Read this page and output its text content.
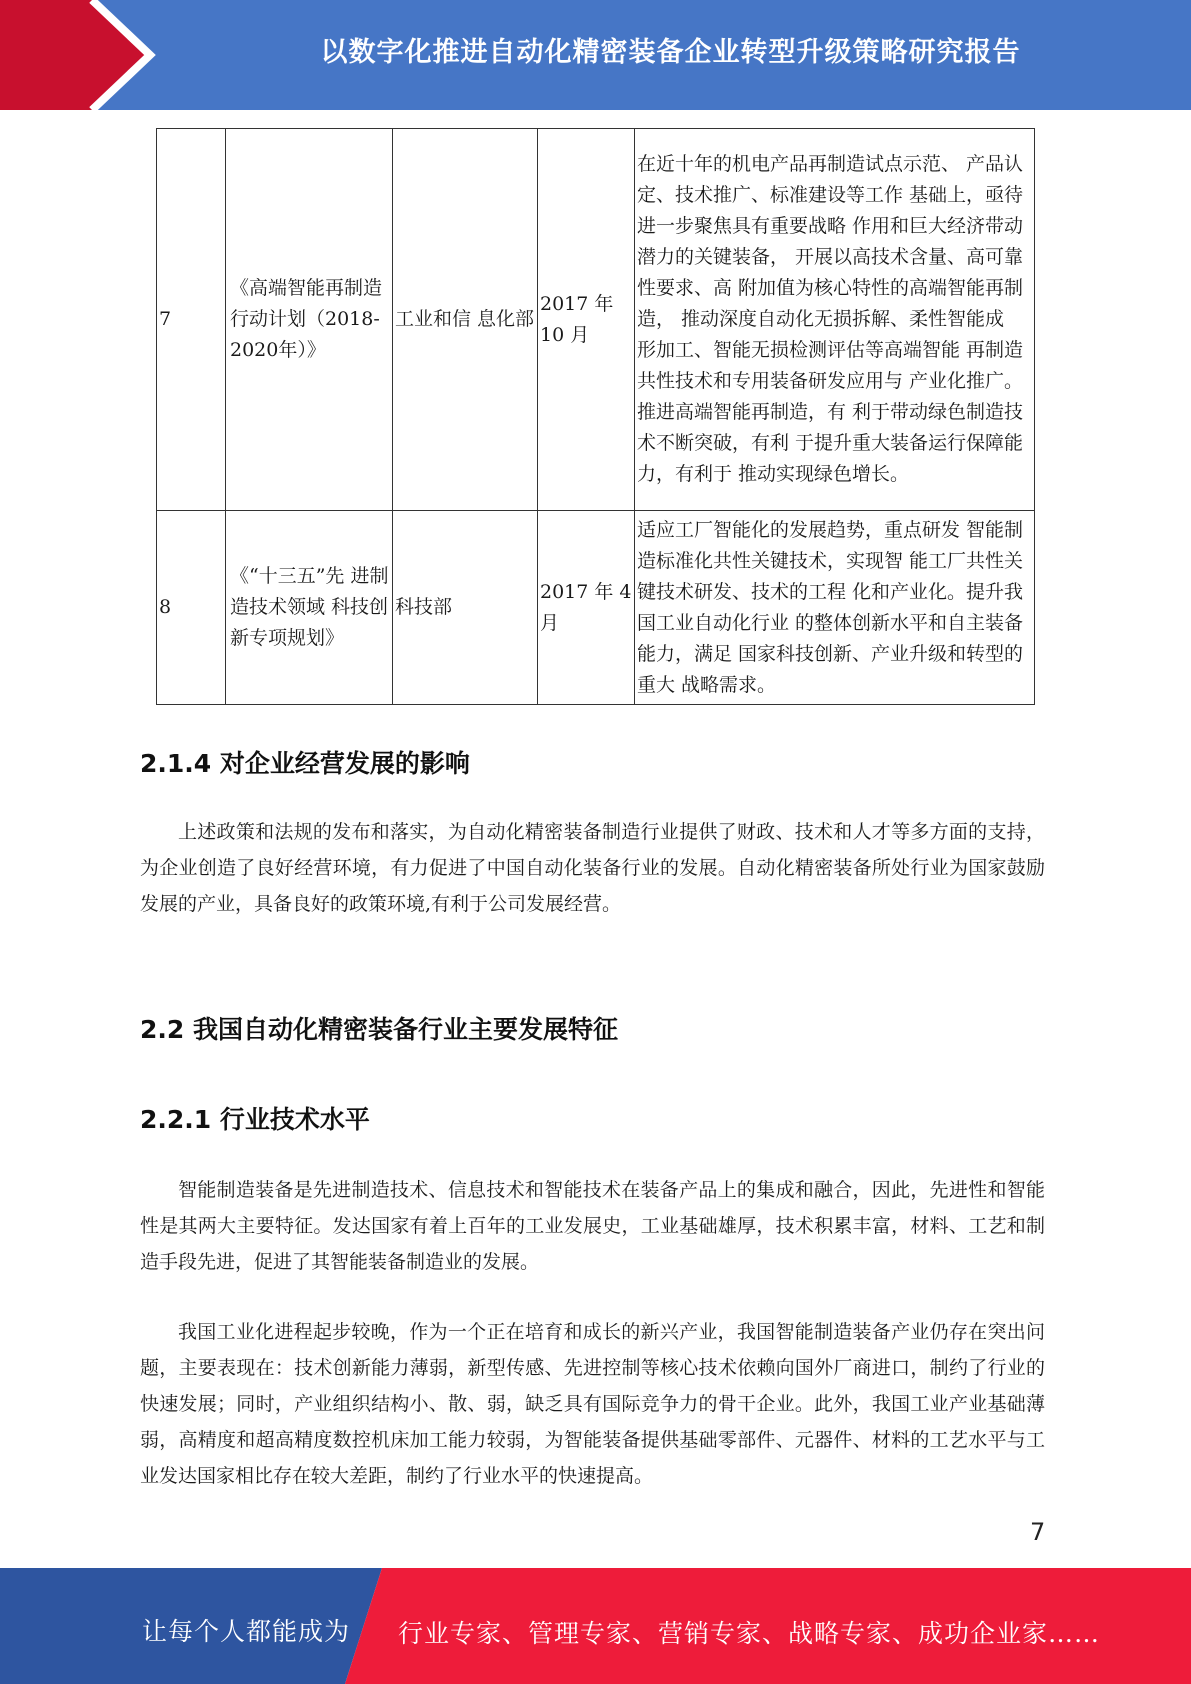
以数字化推进自动化精密装备企业转型升级策略研究报告
7	《高端智能再制造行动计划（2018-2020年）》	工业和信 息化部	2017 年 10 月	在近十年的机电产品再制造试点示范、 产品认定、技术推广、标准建设等工作 基础上，亟待进一步聚焦具有重要战略 作用和巨大经济带动潜力的关键装备， 开展以高技术含量、高可靠性要求、高 附加值为核心特性的高端智能再制造， 推动深度自动化无损拆解、柔性智能成 形加工、智能无损检测评估等高端智能 再制造共性技术和专用装备研发应用与 产业化推广。推进高端智能再制造，有 利于带动绿色制造技术不断突破，有利 于提升重大装备运行保障能力，有利于 推动实现绿色增长。
8	《“十三五”先 进制造技术领域 科技创新专项规划》	科技部	2017 年 4 月	适应工厂智能化的发展趋势，重点研发 智能制造标准化共性关键技术，实现智 能工厂共性关键技术研发、技术的工程 化和产业化。提升我国工业自动化行业 的整体创新水平和自主装备能力，满足 国家科技创新、产业升级和转型的重大 战略需求。
2.1.4 对企业经营发展的影响

上述政策和法规的发布和落实，为自动化精密装备制造行业提供了财政、技术和人才等多方面的支持，为企业创造了良好经营环境，有力促进了中国自动化装备行业的发展。自动化精密装备所处行业为国家鼓励发展的产业，具备良好的政策环境,有利于公司发展经营。

2.2 我国自动化精密装备行业主要发展特征
2.2.1 行业技术水平

智能制造装备是先进制造技术、信息技术和智能技术在装备产品上的集成和融合，因此，先进性和智能性是其两大主要特征。发达国家有着上百年的工业发展史，工业基础雄厚，技术积累丰富，材料、工艺和制造手段先进，促进了其智能装备制造业的发展。

我国工业化进程起步较晚，作为一个正在培育和成长的新兴产业，我国智能制造装备产业仍存在突出问题，主要表现在：技术创新能力薄弱，新型传感、先进控制等核心技术依赖向国外厂商进口，制约了行业的快速发展；同时，产业组织结构小、散、弱，缺乏具有国际竞争力的骨干企业。此外，我国工业产业基础薄弱，高精度和超高精度数控机床加工能力较弱，为智能装备提供基础零部件、元器件、材料的工艺水平与工业发达国家相比存在较大差距，制约了行业水平的快速提高。

7
让每个人都能成为 行业专家、管理专家、营销专家、战略专家、成功企业家……
